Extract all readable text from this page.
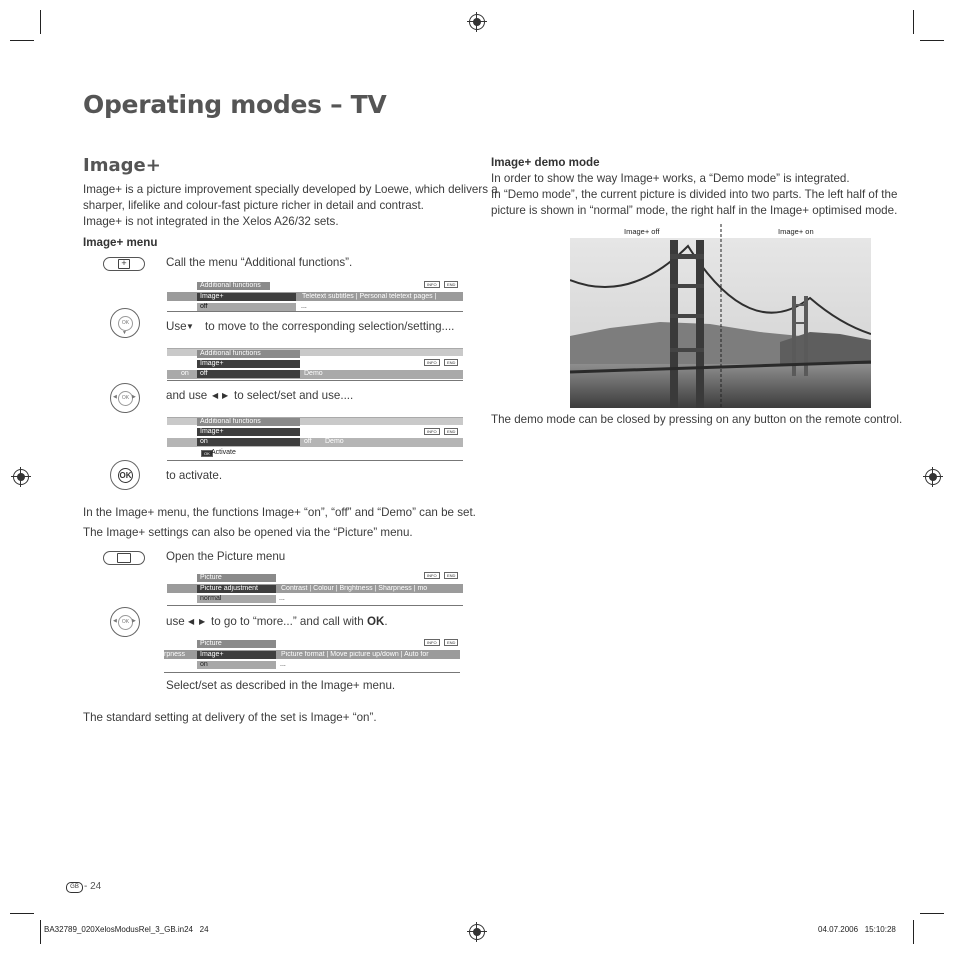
Operating modes – TV
Image+
Image+ is a picture improvement specially developed by Loewe, which delivers a
sharper, lifelike and colour-fast picture richer in detail and contrast.
Image+ is not integrated in the Xelos A26/32 sets.
Image+ menu
+	Call the menu “Additional functions”.
INFO	END
Additional functions
Image+	Teletext subtitles | Personal teletext pages |
off	...
OK
▼	Use ▼ to move to the corresponding selection/setting....
Additional functions
INFO	END
Image+
on	off	Demo
OK
◀	▶	and use ◀ ▶ to select/set and use....
Additional functions
INFO	END
Image+
on	off Demo
OK Activate
OK	to activate.
In the Image+ menu, the functions Image+ “on”, “off” and “Demo” can be set.
The Image+ settings can also be opened via the “Picture” menu.
Open the Picture menu
INFO	END
Picture
Picture adjustment	Contrast | Colour | Brightness | Sharpness | mo
normal	...
OK
◀	▶	use ◀ ▶ to go to “more...” and call with OK.
INFO	END
Picture
rpness	Image+	Picture format | Move picture up/down | Auto for
on	...
Select/set as described in the Image+ menu.
The standard setting at delivery of the set is Image+ “on”.
Image+ demo mode
In order to show the way Image+ works, a “Demo mode” is integrated.
In “Demo mode”, the current picture is divided into two parts. The left half of the
picture is shown in “normal” mode, the right half in the Image+ optimised mode.
Image+ off	Image+ on
The demo mode can be closed by pressing on any button on the remote control.
GB - 24
BA32789_020XelosModusRel_3_GB.in24   24	04.07.2006   15:10:28
